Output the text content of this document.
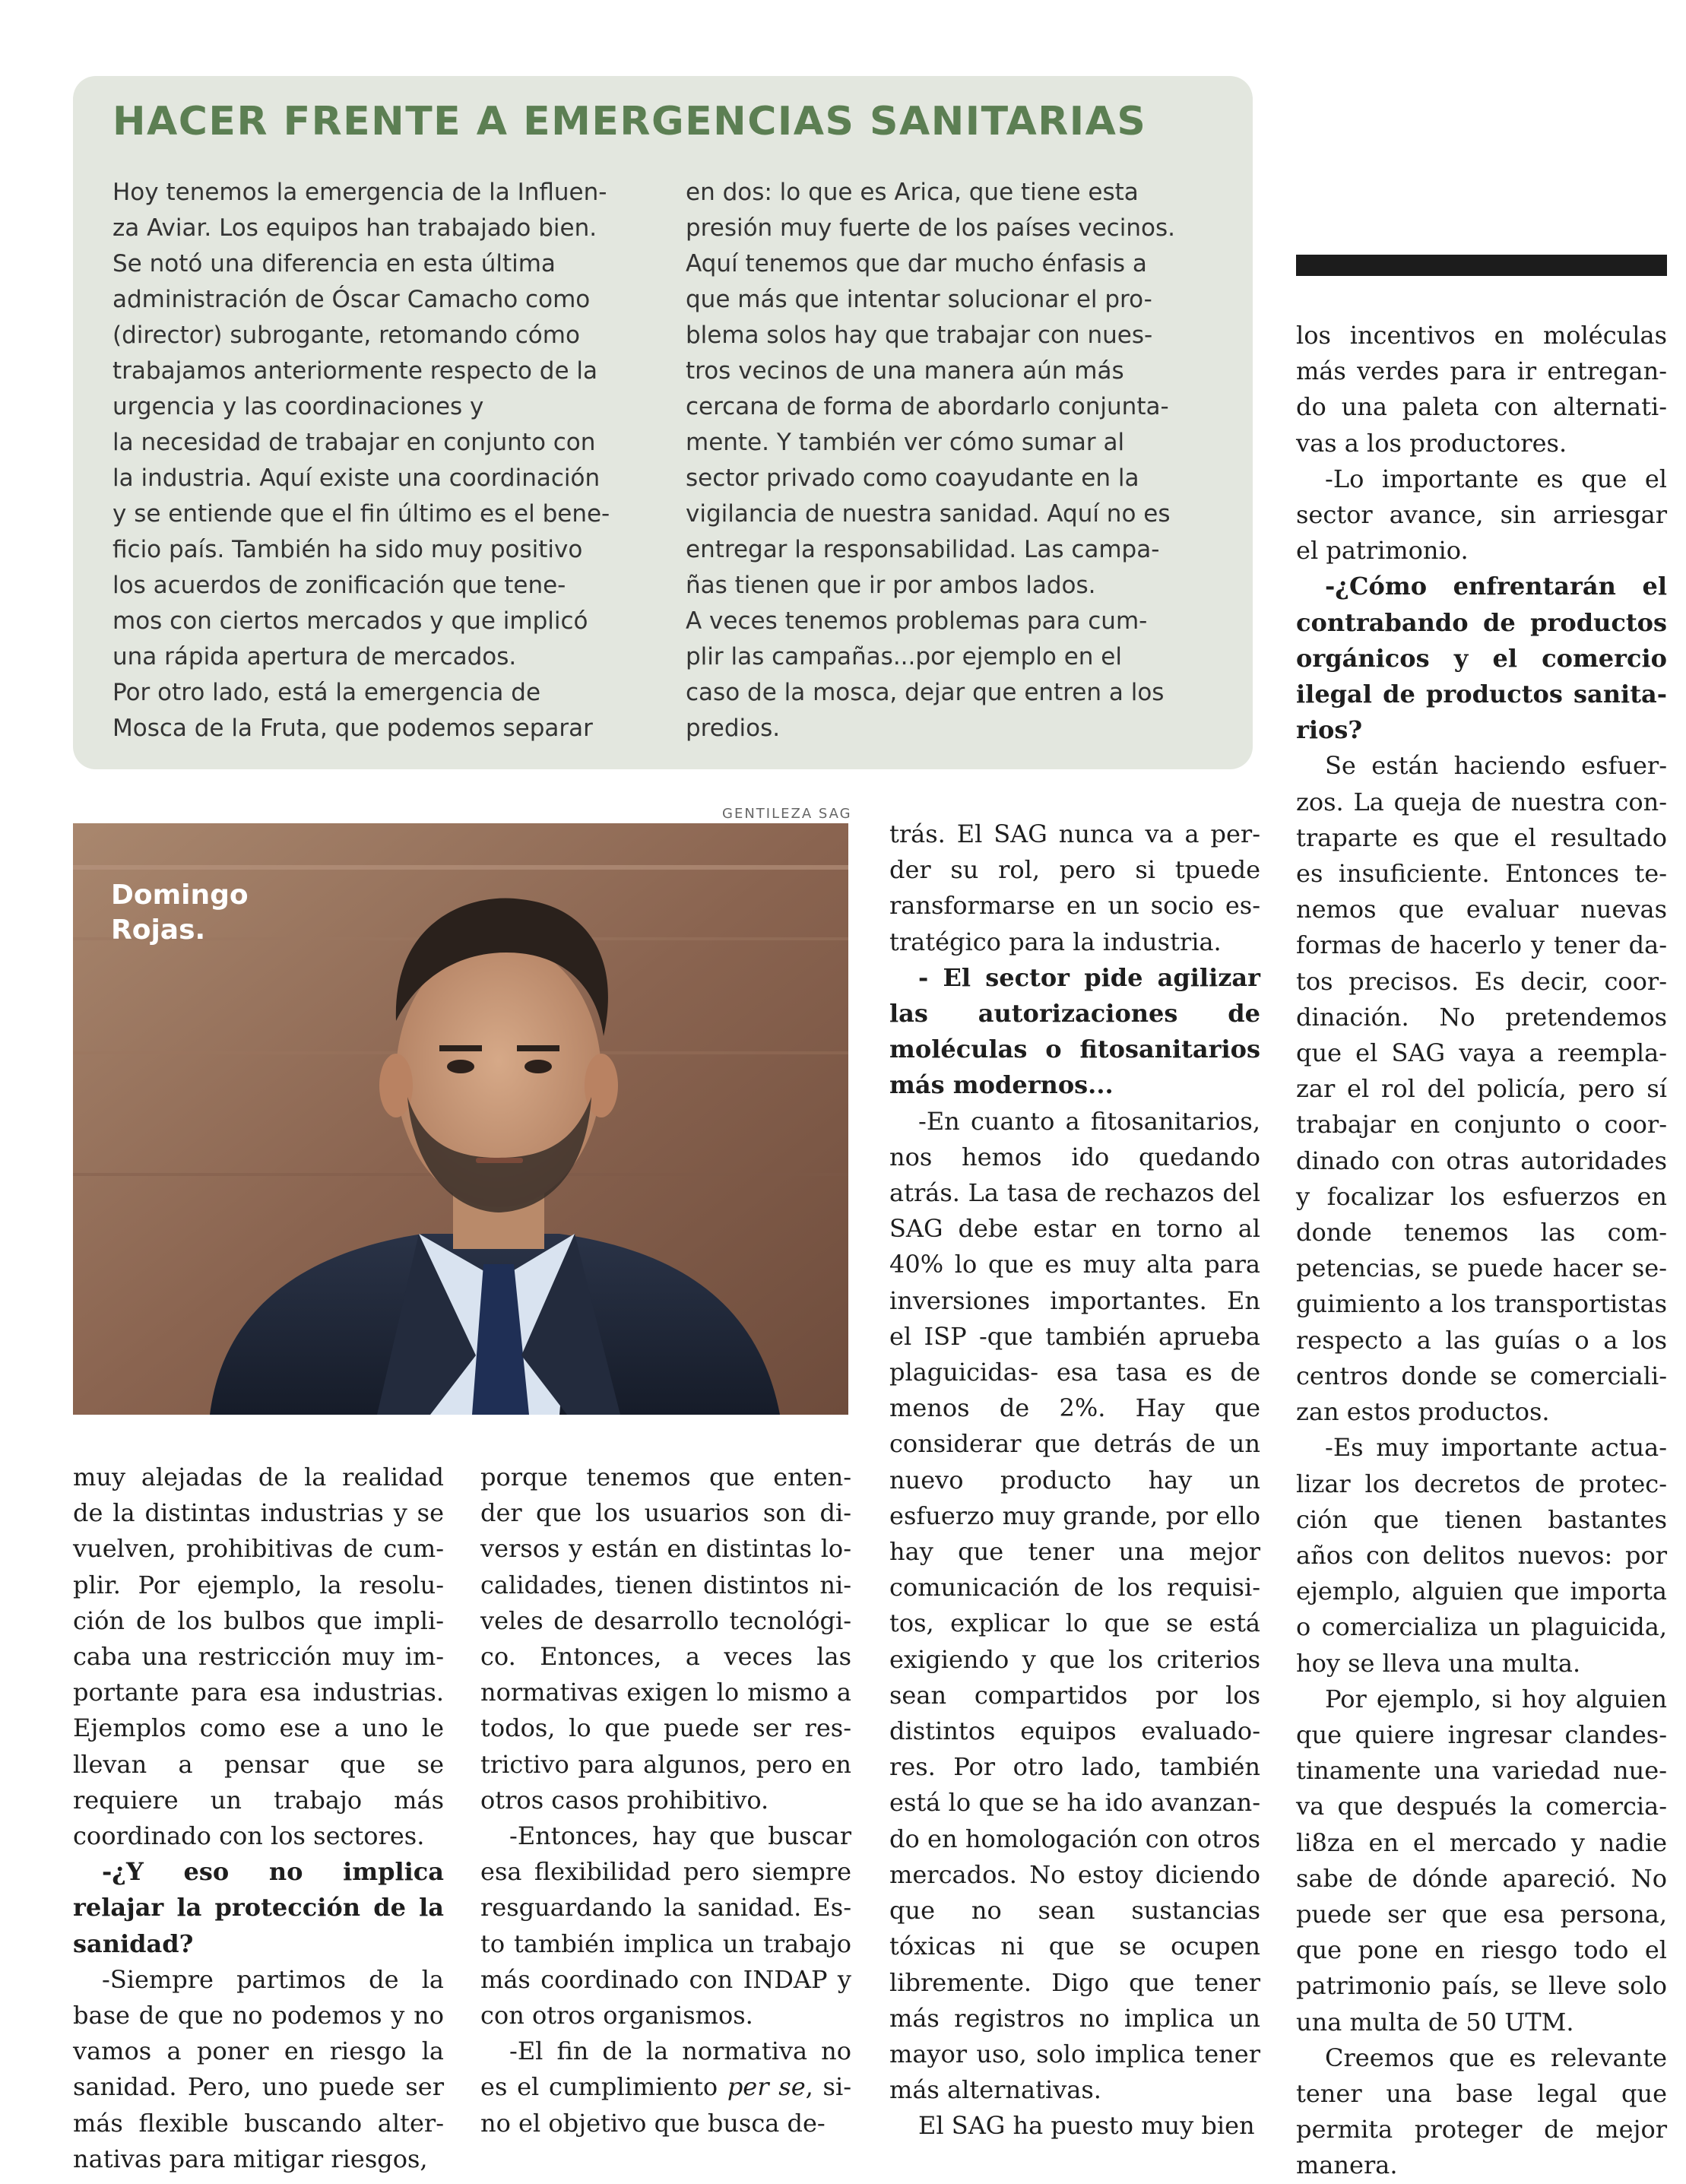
HACER FRENTE A EMERGENCIAS SANITARIAS

Hoy tenemos la emergencia de la Influen-

za Aviar. Los equipos han trabajado bien.

Se notó una diferencia en esta última

administración de Óscar Camacho como

(director) subrogante, retomando cómo

trabajamos anteriormente respecto de la

urgencia y las coordinaciones y

la necesidad de trabajar en conjunto con

la industria. Aquí existe una coordinación

y se entiende que el fin último es el bene-

ficio país. También ha sido muy positivo

los acuerdos de zonificación que tene-

mos con ciertos mercados y que implicó

una rápida apertura de mercados.

Por otro lado, está la emergencia de

Mosca de la Fruta, que podemos separar

en dos: lo que es Arica, que tiene esta

presión muy fuerte de los países vecinos.

Aquí tenemos que dar mucho énfasis a

que más que intentar solucionar el pro-

blema solos hay que trabajar con nues-

tros vecinos de una manera aún más

cercana de forma de abordarlo conjunta-

mente. Y también ver cómo sumar al

sector privado como coayudante en la

vigilancia de nuestra sanidad. Aquí no es

entregar la responsabilidad. Las campa-

ñas tienen que ir por ambos lados.

A veces tenemos problemas para cum-

plir las campañas...por ejemplo en el

caso de la mosca, dejar que entren a los

predios.

GENTILEZA SAG
Domingo
Rojas.

muy alejadas de la realidad de la distintas industrias y se vuelven, prohibitivas de cumplir. Por ejemplo, la resolución de los bulbos que implicaba una restricción muy importante para esa industrias. Ejemplos como ese a uno le llevan a pensar que se requiere un trabajo más coordinado con los sectores.

-¿Y eso no implica relajar la protección de la sanidad?

-Siempre partimos de la base de que no podemos y no vamos a poner en riesgo la sanidad. Pero, uno puede ser más flexible buscando alternativas para mitigar riesgos,

porque tenemos que entender que los usuarios son diversos y están en distintas localidades, tienen distintos niveles de desarrollo tecnológico. Entonces, a veces las normativas exigen lo mismo a todos, lo que puede ser restrictivo para algunos, pero en otros casos prohibitivo.

-Entonces, hay que buscar esa flexibilidad pero siempre resguardando la sanidad. Esto también implica un trabajo más coordinado con INDAP y con otros organismos.

-El fin de la normativa no es el cumplimiento per se, sino el objetivo que busca de-

trás. El SAG nunca va a perder su rol, pero si tpuede ransformarse en un socio estratégico para la industria.

- El sector pide agilizar las autorizaciones de moléculas o fitosanitarios más modernos...

-En cuanto a fitosanitarios, nos hemos ido quedando atrás. La tasa de rechazos del SAG debe estar en torno al 40% lo que es muy alta para inversiones importantes. En el ISP -que también aprueba plaguicidas- esa tasa es de menos de 2%. Hay que considerar que detrás de un nuevo producto hay un esfuerzo muy grande, por ello hay que tener una mejor comunicación de los requisitos, explicar lo que se está exigiendo y que los criterios sean compartidos por los distintos equipos evaluadores. Por otro lado, también está lo que se ha ido avanzando en homologación con otros mercados. No estoy diciendo que no sean sustancias tóxicas ni que se ocupen libremente. Digo que tener más registros no implica un mayor uso, solo implica tener más alternativas.

El SAG ha puesto muy bien

los incentivos en moléculas más verdes para ir entregando una paleta con alternativas a los productores.

-Lo importante es que el sector avance, sin arriesgar el patrimonio.

-¿Cómo enfrentarán el contrabando de productos orgánicos y el comercio ilegal de productos sanitarios?

Se están haciendo esfuerzos. La queja de nuestra contraparte es que el resultado es insuficiente. Entonces tenemos que evaluar nuevas formas de hacerlo y tener datos precisos. Es decir, coordinación. No pretendemos que el SAG vaya a reemplazar el rol del policía, pero sí trabajar en conjunto o coordinado con otras autoridades y focalizar los esfuerzos en donde tenemos las competencias, se puede hacer seguimiento a los transportistas respecto a las guías o a los centros donde se comercializan estos productos.

-Es muy importante actualizar los decretos de protección que tienen bastantes años con delitos nuevos: por ejemplo, alguien que importa o comercializa un plaguicida, hoy se lleva una multa.

Por ejemplo, si hoy alguien que quiere ingresar clandestinamente una variedad nueva que después la comerciali8za en el mercado y nadie sabe de dónde apareció. No puede ser que esa persona, que pone en riesgo todo el patrimonio país, se lleve solo una multa de 50 UTM.

Creemos que es relevante tener una base legal que permita proteger de mejor manera.
